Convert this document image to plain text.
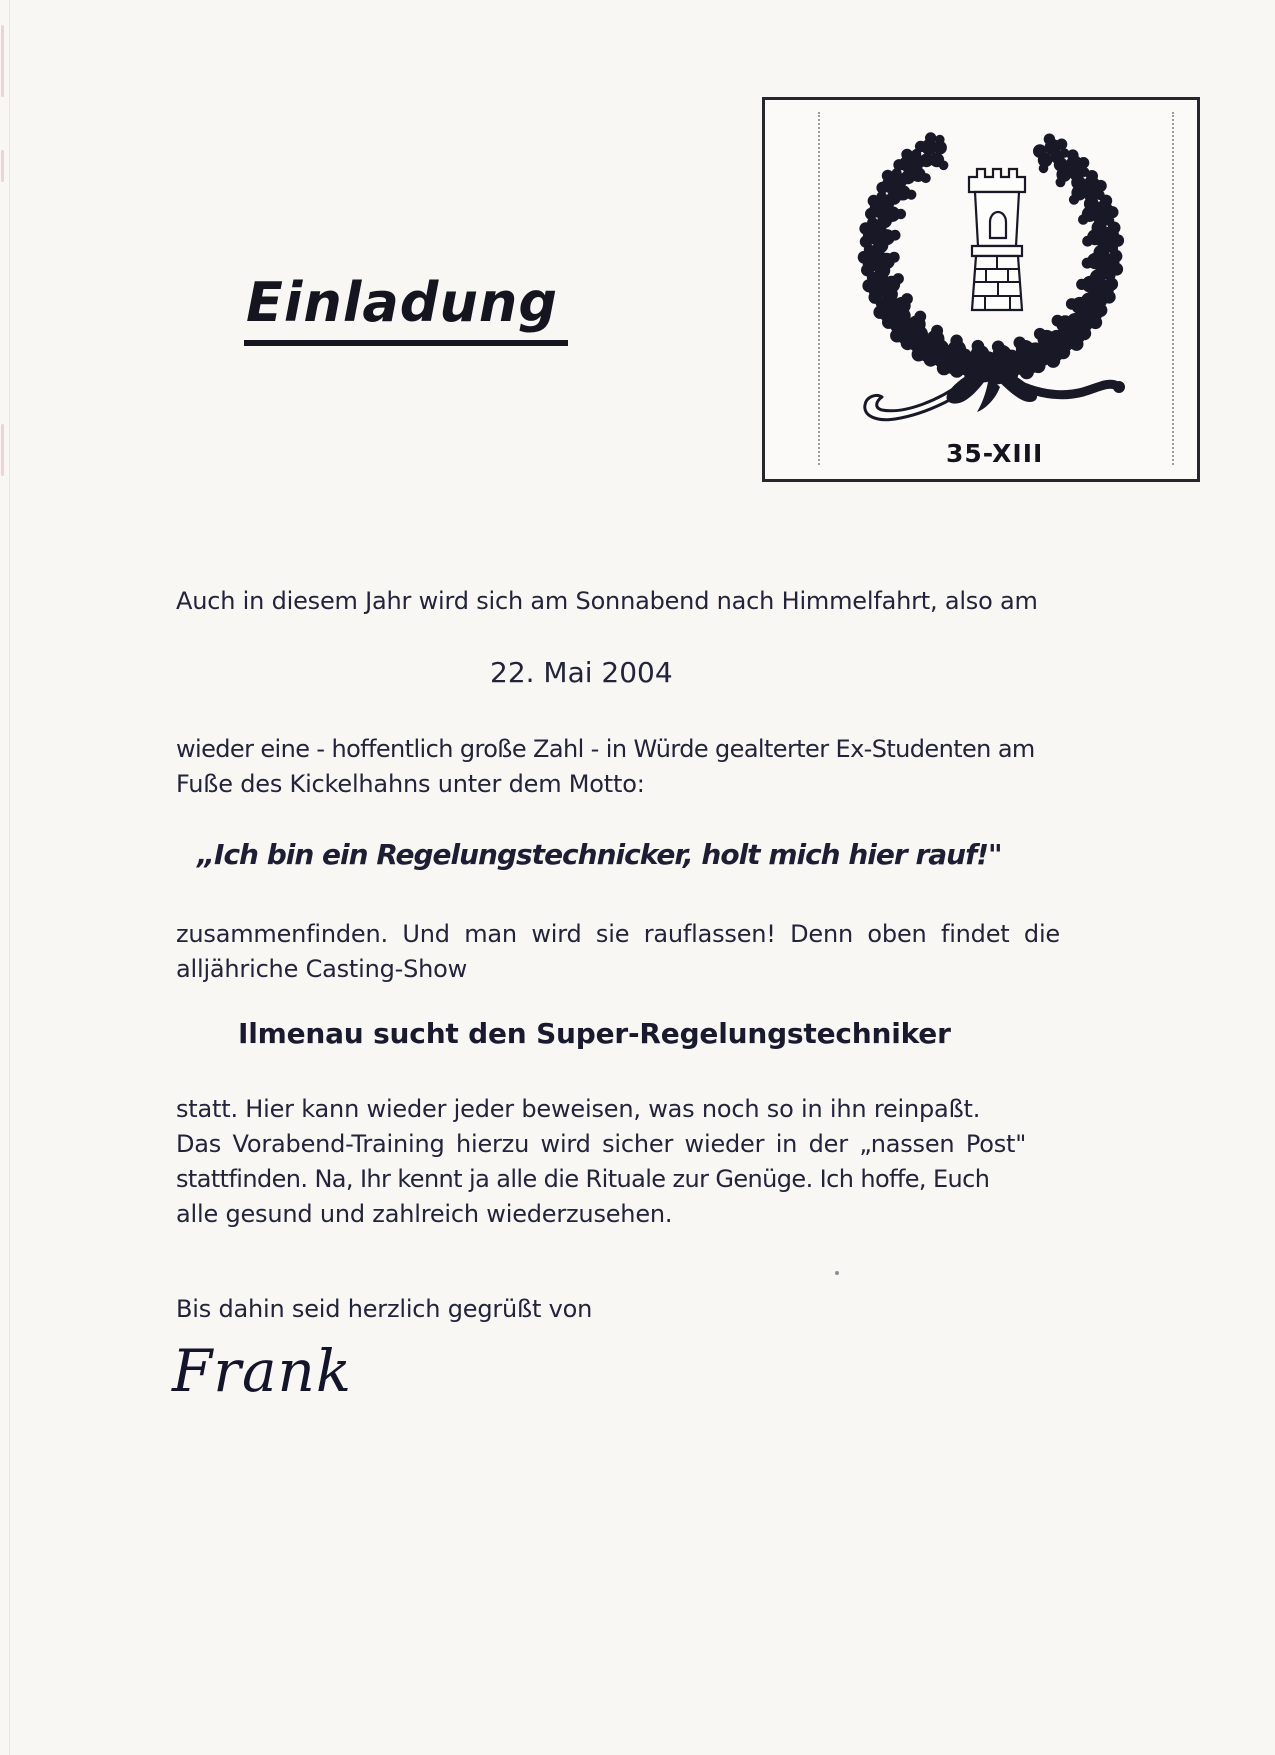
Einladung
35-XIII
Auch in diesem Jahr wird sich am Sonnabend nach Himmelfahrt, also am
22. Mai 2004
wieder eine - hoffentlich große Zahl - in Würde gealterter Ex-Studenten am
Fuße des Kickelhahns unter dem Motto:
„Ich bin ein Regelungstechnicker, holt mich hier rauf!"
zusammenfinden. Und man wird sie rauflassen! Denn oben findet die
alljähriche Casting-Show
Ilmenau sucht den Super-Regelungstechniker
statt. Hier kann wieder jeder beweisen, was noch so in ihn reinpaßt.
Das Vorabend-Training hierzu wird sicher wieder in der „nassen Post"
stattfinden. Na, Ihr kennt ja alle die Rituale zur Genüge. Ich hoffe, Euch
alle gesund und zahlreich wiederzusehen.
Bis dahin seid herzlich gegrüßt von
Frank
